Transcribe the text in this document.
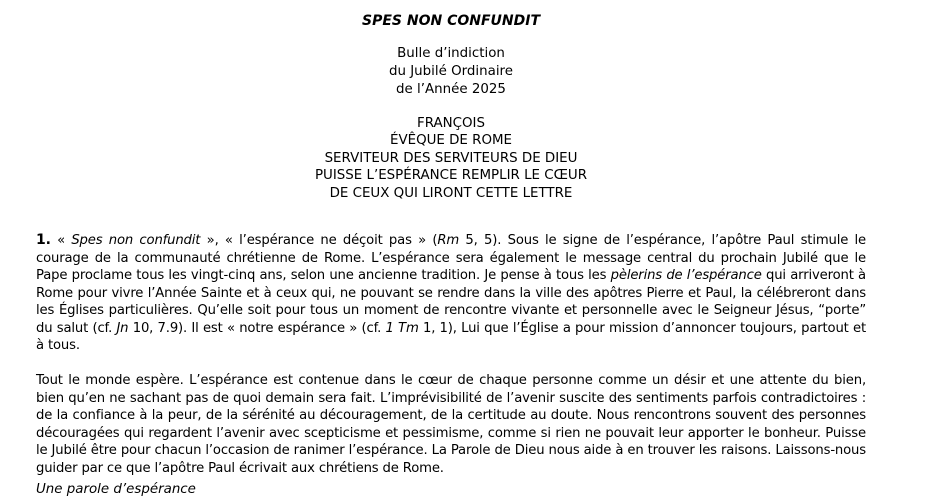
SPES NON CONFUNDIT
Bulle d’indiction
du Jubilé Ordinaire
de l’Année 2025
FRANÇOIS
ÉVÊQUE DE ROME
SERVITEUR DES SERVITEURS DE DIEU
PUISSE L’ESPÉRANCE REMPLIR LE CŒUR
DE CEUX QUI LIRONT CETTE LETTRE

1. « Spes non confundit », « l’espérance ne déçoit pas » (Rm 5, 5). Sous le signe de l’espérance, l’apôtre Paul stimule le courage de la communauté chrétienne de Rome. L’espérance sera également le message central du prochain Jubilé que le Pape proclame tous les vingt-cinq ans, selon une ancienne tradition. Je pense à tous les pèlerins de l’espérance qui arriveront à Rome pour vivre l’Année Sainte et à ceux qui, ne pouvant se rendre dans la ville des apôtres Pierre et Paul, la célébreront dans les Églises particulières. Qu’elle soit pour tous un moment de rencontre vivante et personnelle avec le Seigneur Jésus, “porte” du salut (cf. Jn 10, 7.9). Il est « notre espérance » (cf. 1 Tm 1, 1), Lui que l’Église a pour mission d’annoncer toujours, partout et à tous.

Tout le monde espère. L’espérance est contenue dans le cœur de chaque personne comme un désir et une attente du bien, bien qu’en ne sachant pas de quoi demain sera fait. L’imprévisibilité de l’avenir suscite des sentiments parfois contradictoires : de la confiance à la peur, de la sérénité au découragement, de la certitude au doute. Nous rencontrons souvent des personnes découragées qui regardent l’avenir avec scepticisme et pessimisme, comme si rien ne pouvait leur apporter le bonheur. Puisse le Jubilé être pour chacun l’occasion de ranimer l’espérance. La Parole de Dieu nous aide à en trouver les raisons. Laissons-nous guider par ce que l’apôtre Paul écrivait aux chrétiens de Rome.

Une parole d’espérance
